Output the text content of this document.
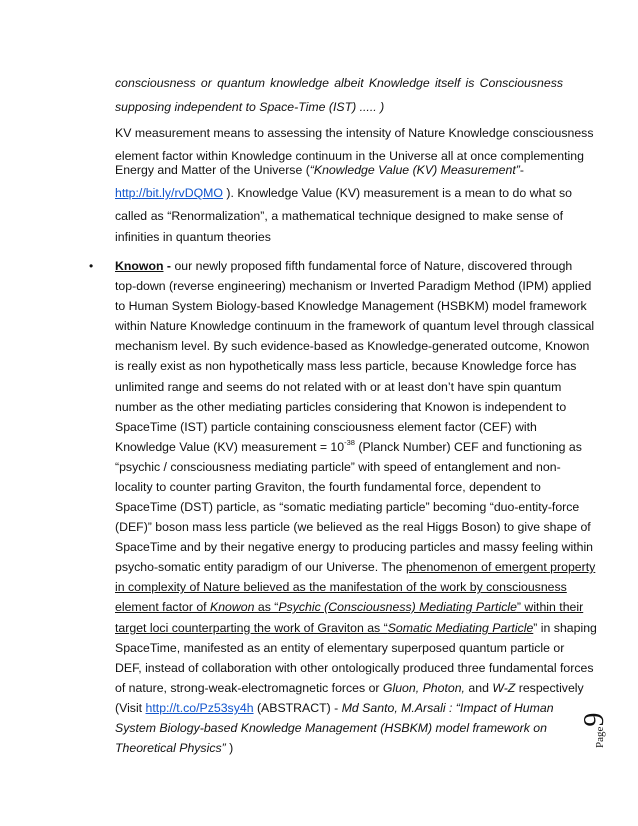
consciousness or quantum knowledge albeit Knowledge itself is Consciousness
supposing independent to Space-Time (IST) ..... )
KV measurement means to assessing the intensity of Nature Knowledge consciousness
element factor within Knowledge continuum in the Universe all at once complementing
Energy and Matter of the Universe (“Knowledge Value (KV) Measurement”-
http://bit.ly/rvDQMO ). Knowledge Value (KV) measurement is a mean to do what so
called as “Renormalization”, a mathematical technique designed to make sense of
infinities in quantum theories
• Knowon - our newly proposed fifth fundamental force of Nature, discovered through
top-down (reverse engineering) mechanism or Inverted Paradigm Method (IPM) applied
to Human System Biology-based Knowledge Management (HSBKM) model framework
within Nature Knowledge continuum in the framework of quantum level through classical
mechanism level. By such evidence-based as Knowledge-generated outcome, Knowon
is really exist as non hypothetically mass less particle, because Knowledge force has
unlimited range and seems do not related with or at least don’t have spin quantum
number as the other mediating particles considering that Knowon is independent to
SpaceTime (IST) particle containing consciousness element factor (CEF) with
Knowledge Value (KV) measurement = $10^{-38}$ (Planck Number) CEF and functioning as
“psychic / consciousness mediating particle” with speed of entanglement and non-
locality to counter parting Graviton, the fourth fundamental force, dependent to
SpaceTime (DST) particle, as “somatic mediating particle” becoming “duo-entity-force
(DEF)” boson mass less particle (we believed as the real Higgs Boson) to give shape of
SpaceTime and by their negative energy to producing particles and massy feeling within
psycho-somatic entity paradigm of our Universe. The phenomenon of emergent property
in complexity of Nature believed as the manifestation of the work by consciousness
element factor of Knowon as “Psychic (Consciousness) Mediating Particle” within their
target loci counterparting the work of Graviton as “Somatic Mediating Particle” in shaping
SpaceTime, manifested as an entity of elementary superposed quantum particle or
DEF, instead of collaboration with other ontologically produced three fundamental forces
of nature, strong-weak-electromagnetic forces or Gluon, Photon, and W-Z respectively
(Visit http://t.co/Pz53sy4h (ABSTRACT) - Md Santo, M.Arsali : “Impact of Human
System Biology-based Knowledge Management (HSBKM) model framework on
Theoretical Physics” )	Page9
